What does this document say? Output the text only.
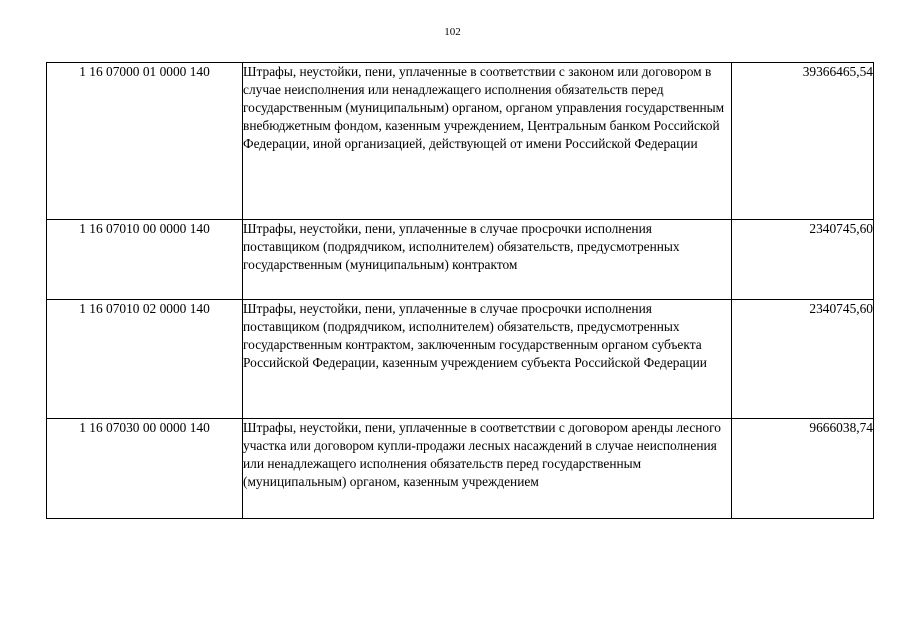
102
1 16 07000 01 0000 140	Штрафы, неустойки, пени, уплаченные в соответствии с законом или договором в случае неисполнения или ненадлежащего исполнения обязательств перед государственным (муниципальным) органом, органом управления государственным внебюджетным фондом, казенным учреждением, Центральным банком Российской Федерации, иной организацией, действующей от имени Российской Федерации	39366465,54
1 16 07010 00 0000 140	Штрафы, неустойки, пени, уплаченные в случае просрочки исполнения поставщиком (подрядчиком, исполнителем) обязательств, предусмотренных государственным (муниципальным) контрактом	2340745,60
1 16 07010 02 0000 140	Штрафы, неустойки, пени, уплаченные в случае просрочки исполнения поставщиком (подрядчиком, исполнителем) обязательств, предусмотренных государственным контрактом, заключенным государственным органом субъекта Российской Федерации, казенным учреждением субъекта Российской Федерации	2340745,60
1 16 07030 00 0000 140	Штрафы, неустойки, пени, уплаченные в соответствии с договором аренды лесного участка или договором купли-продажи лесных насаждений в случае неисполнения или ненадлежащего исполнения обязательств перед государственным (муниципальным) органом, казенным учреждением	9666038,74
